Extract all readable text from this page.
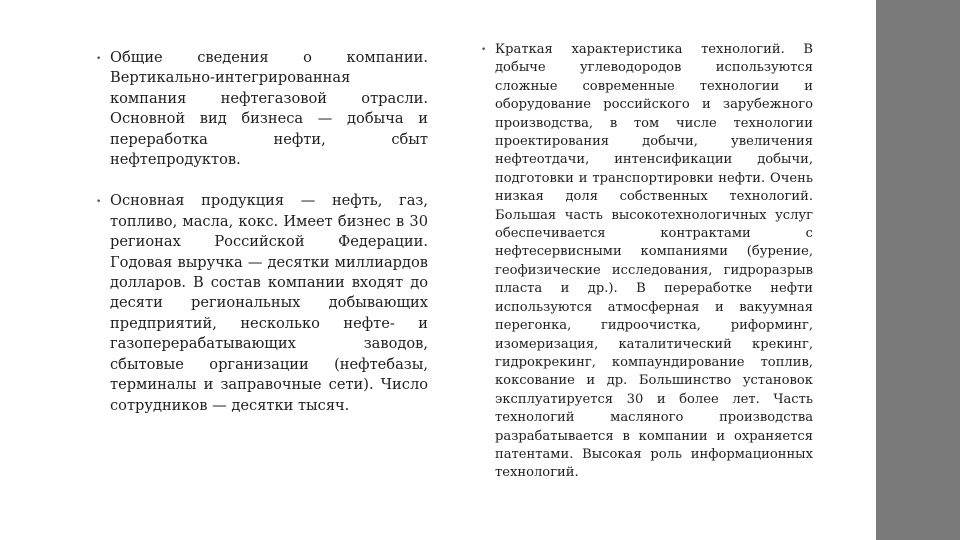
• Общие сведения о компании. Вертикально-интегрированная компания нефтегазовой отрасли. Основной вид бизнеса — добыча и переработка нефти, сбыт нефтепродуктов.
• Основная продукция — нефть, газ, топливо, масла, кокс. Имеет бизнес в 30 регионах Российской Федерации. Годовая выручка — десятки миллиардов долларов. В состав компании входят до десяти региональных добывающих предприятий, несколько нефте- и газоперерабатывающих заводов, сбытовые организации (нефтебазы, терминалы и заправочные сети). Число сотрудников — десятки тысяч.
• Краткая характеристика технологий. В добыче углеводородов используются сложные современные технологии и оборудование российского и зарубежного производства, в том числе технологии проектирования добычи, увеличения нефтеотдачи, интенсификации добычи, подготовки и транспортировки нефти. Очень низкая доля собственных технологий. Большая часть высокотехнологичных услуг обеспечивается контрактами с нефтесервисными компаниями (бурение, геофизические исследования, гидроразрыв пласта и др.). В переработке нефти используются атмосферная и вакуумная перегонка, гидроочистка, риформинг, изомеризация, каталитический крекинг, гидрокрекинг, компаундирование топлив, коксование и др. Большинство установок эксплуатируется 30 и более лет. Часть технологий масляного производства разрабатывается в компании и охраняется патентами. Высокая роль информационных технологий.
